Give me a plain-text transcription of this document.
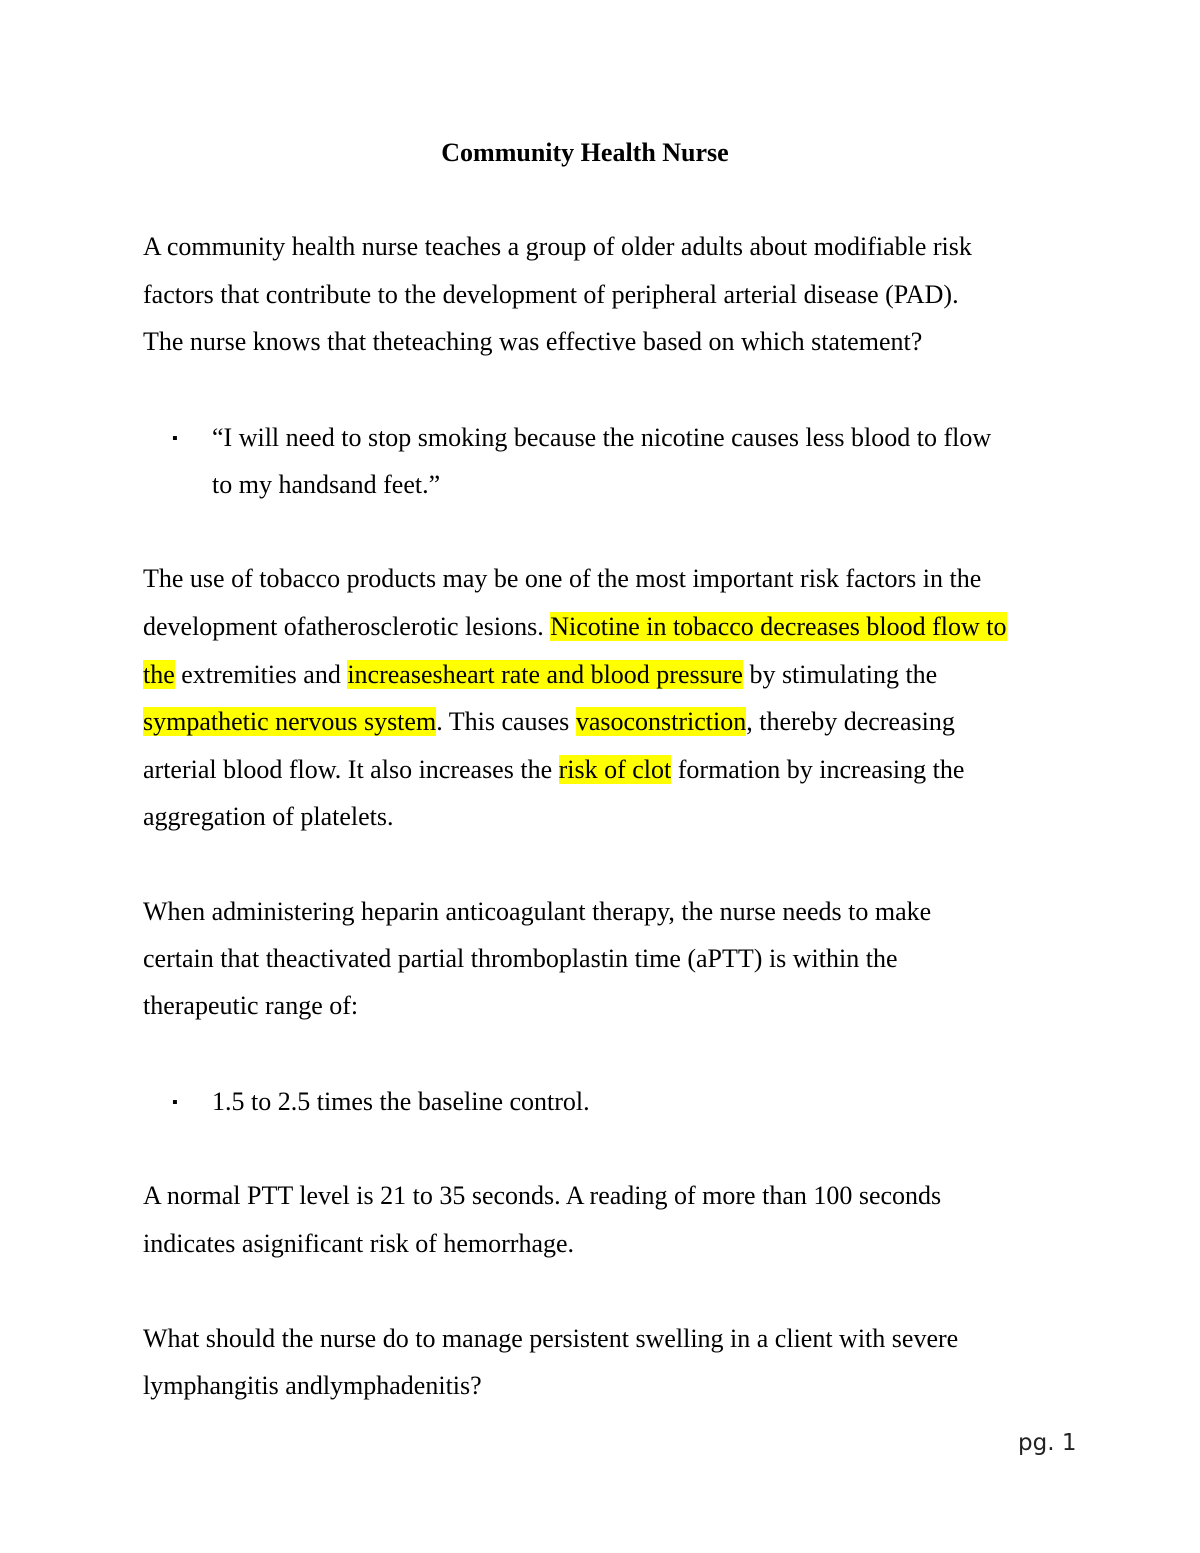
Community Health Nurse
A community health nurse teaches a group of older adults about modifiable risk
factors that contribute to the development of peripheral arterial disease (PAD).
The nurse knows that theteaching was effective based on which statement?
▪ “I will need to stop smoking because the nicotine causes less blood to flow
to my handsand feet.”
The use of tobacco products may be one of the most important risk factors in the
development ofatherosclerotic lesions. Nicotine in tobacco decreases blood flow to
the extremities and increasesheart rate and blood pressure by stimulating the
sympathetic nervous system. This causes vasoconstriction, thereby decreasing
arterial blood flow. It also increases the risk of clot formation by increasing the
aggregation of platelets.
When administering heparin anticoagulant therapy, the nurse needs to make
certain that theactivated partial thromboplastin time (aPTT) is within the
therapeutic range of:
▪ 1.5 to 2.5 times the baseline control.
A normal PTT level is 21 to 35 seconds. A reading of more than 100 seconds
indicates asignificant risk of hemorrhage.
What should the nurse do to manage persistent swelling in a client with severe
lymphangitis andlymphadenitis?
pg. 1
